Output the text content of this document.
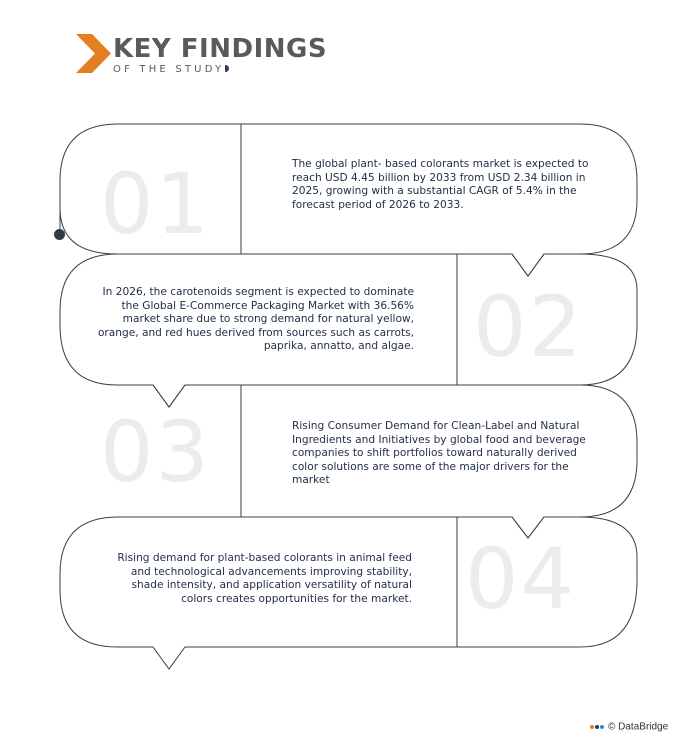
KEY FINDINGS
OF THE STUDY
01	The global plant- based colorants market is expected to reach USD 4.45 billion by 2033 from USD 2.34 billion in 2025, growing with a substantial CAGR of 5.4% in the forecast period of 2026 to 2033.
02
In 2026, the carotenoids segment is expected to dominate the Global E-Commerce Packaging Market with 36.56% market share due to strong demand for natural yellow, orange, and red hues derived from sources such as carrots, paprika, annatto, and algae.
03	Rising Consumer Demand for Clean-Label and Natural Ingredients and Initiatives by global food and beverage companies to shift portfolios toward naturally derived color solutions are some of the major drivers for the market
04
Rising demand for plant-based colorants in animal feed and technological advancements improving stability, shade intensity, and application versatility of natural colors creates opportunities for the market.
© DataBridge
